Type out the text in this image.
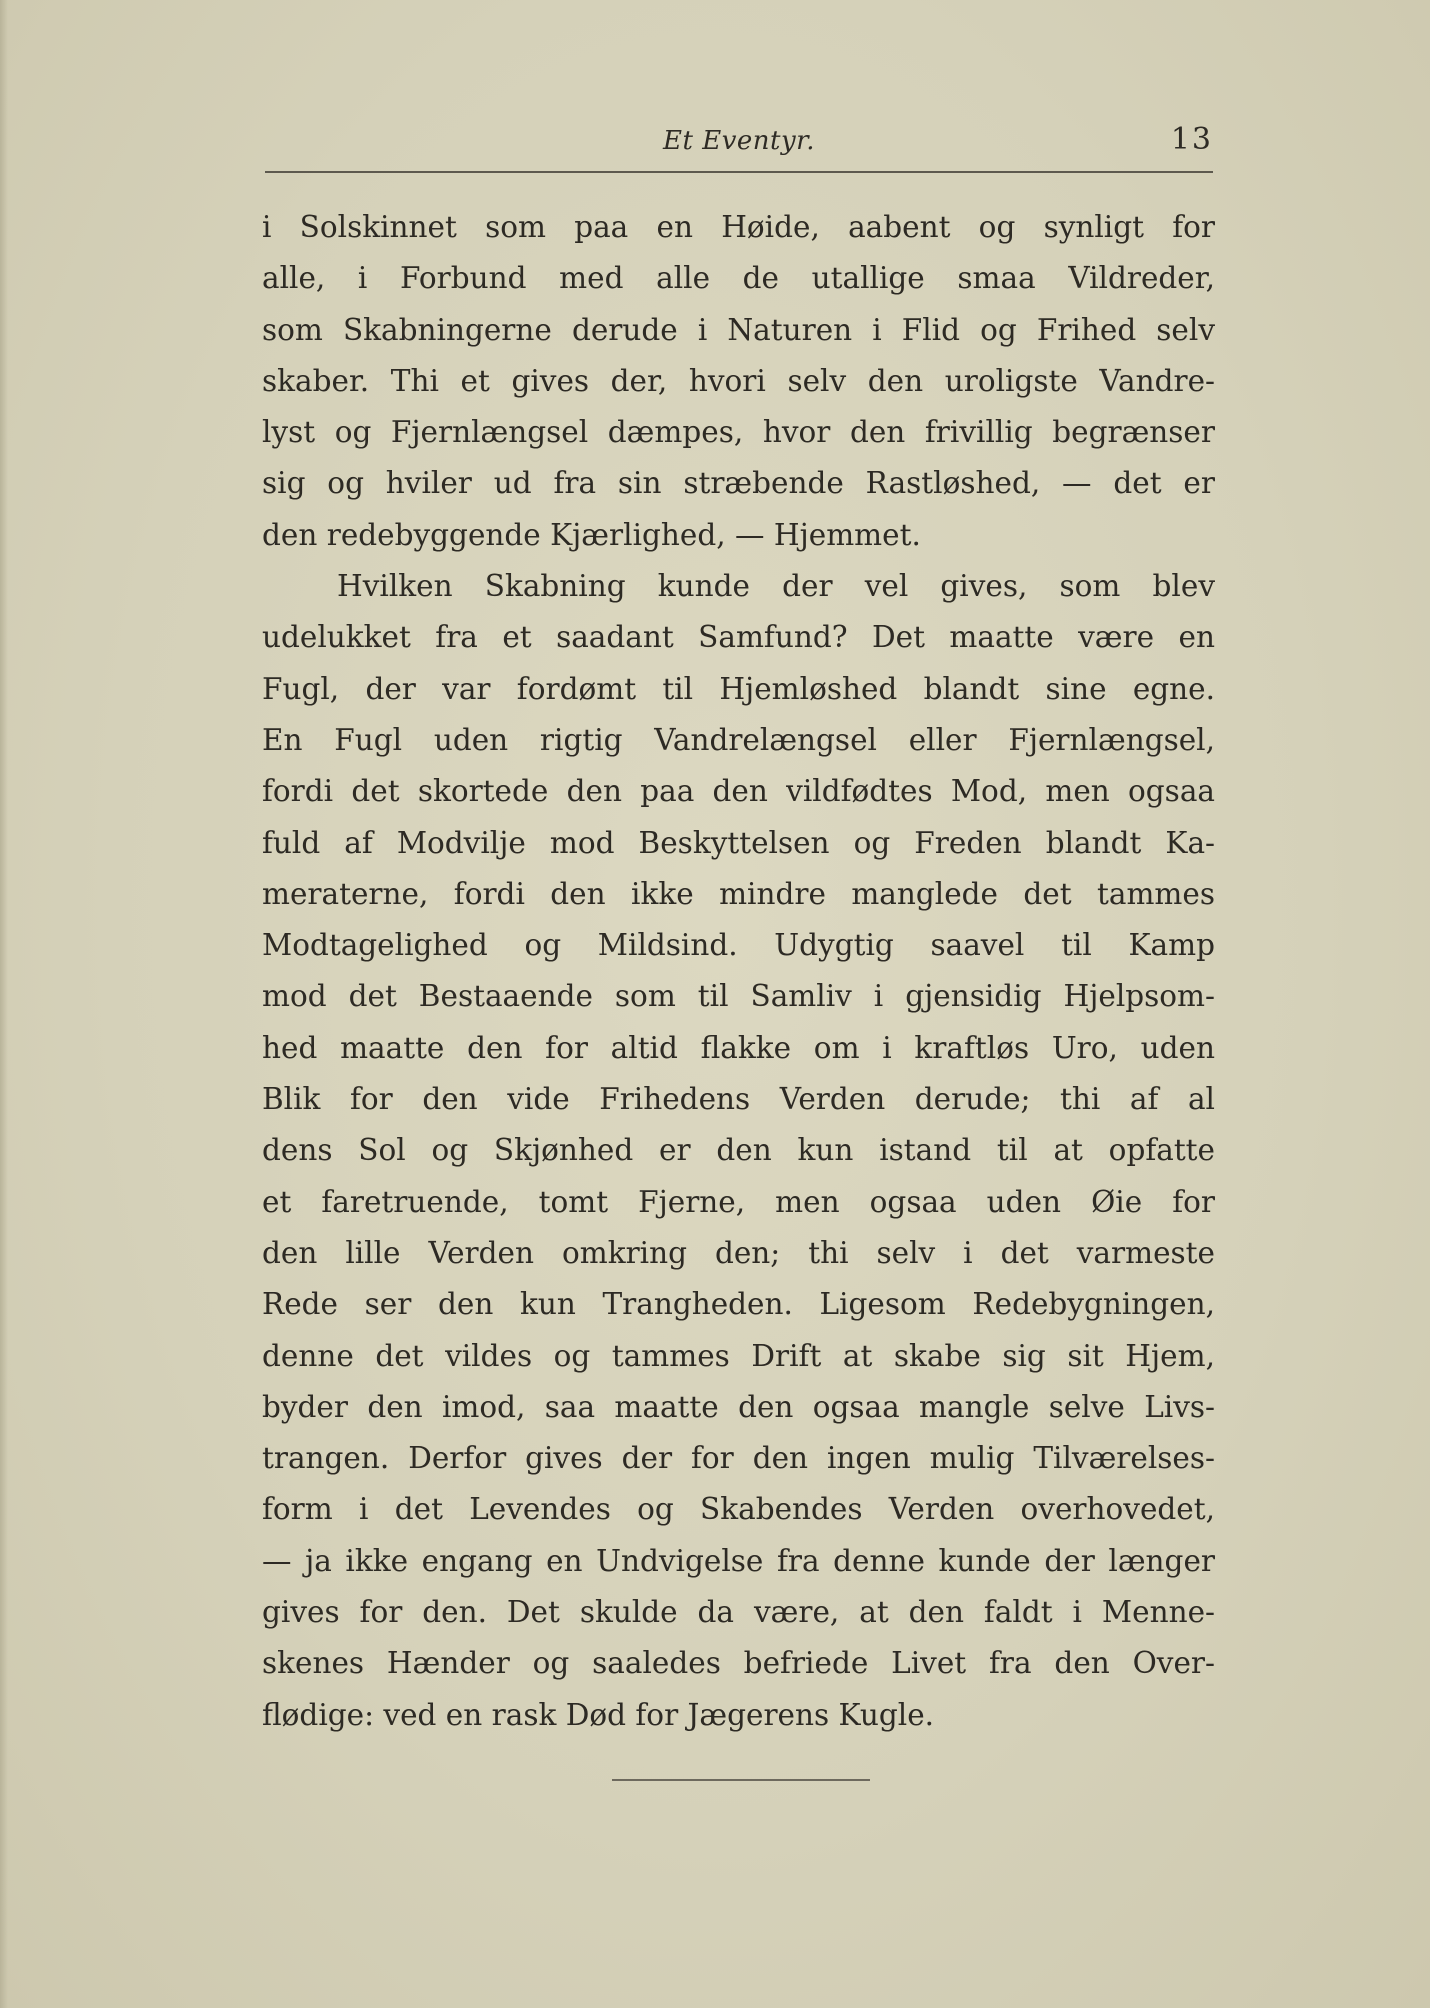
Et Eventyr.	13
i Solskinnet som paa en Høide, aabent og synligt for
alle, i Forbund med alle de utallige smaa Vildreder,
som Skabningerne derude i Naturen i Flid og Frihed selv
skaber. Thi et gives der, hvori selv den uroligste Vandre-
lyst og Fjernlængsel dæmpes, hvor den frivillig begrænser
sig og hviler ud fra sin stræbende Rastløshed, — det er
den redebyggende Kjærlighed, — Hjemmet.
Hvilken Skabning kunde der vel gives, som blev
udelukket fra et saadant Samfund? Det maatte være en
Fugl, der var fordømt til Hjemløshed blandt sine egne.
En Fugl uden rigtig Vandrelængsel eller Fjernlængsel,
fordi det skortede den paa den vildfødtes Mod, men ogsaa
fuld af Modvilje mod Beskyttelsen og Freden blandt Ka-
meraterne, fordi den ikke mindre manglede det tammes
Modtagelighed og Mildsind. Udygtig saavel til Kamp
mod det Bestaaende som til Samliv i gjensidig Hjelpsom-
hed maatte den for altid flakke om i kraftløs Uro, uden
Blik for den vide Frihedens Verden derude; thi af al
dens Sol og Skjønhed er den kun istand til at opfatte
et faretruende, tomt Fjerne, men ogsaa uden Øie for
den lille Verden omkring den; thi selv i det varmeste
Rede ser den kun Trangheden. Ligesom Redebygningen,
denne det vildes og tammes Drift at skabe sig sit Hjem,
byder den imod, saa maatte den ogsaa mangle selve Livs-
trangen. Derfor gives der for den ingen mulig Tilværelses-
form i det Levendes og Skabendes Verden overhovedet,
— ja ikke engang en Undvigelse fra denne kunde der længer
gives for den. Det skulde da være, at den faldt i Menne-
skenes Hænder og saaledes befriede Livet fra den Over-
flødige: ved en rask Død for Jægerens Kugle.
